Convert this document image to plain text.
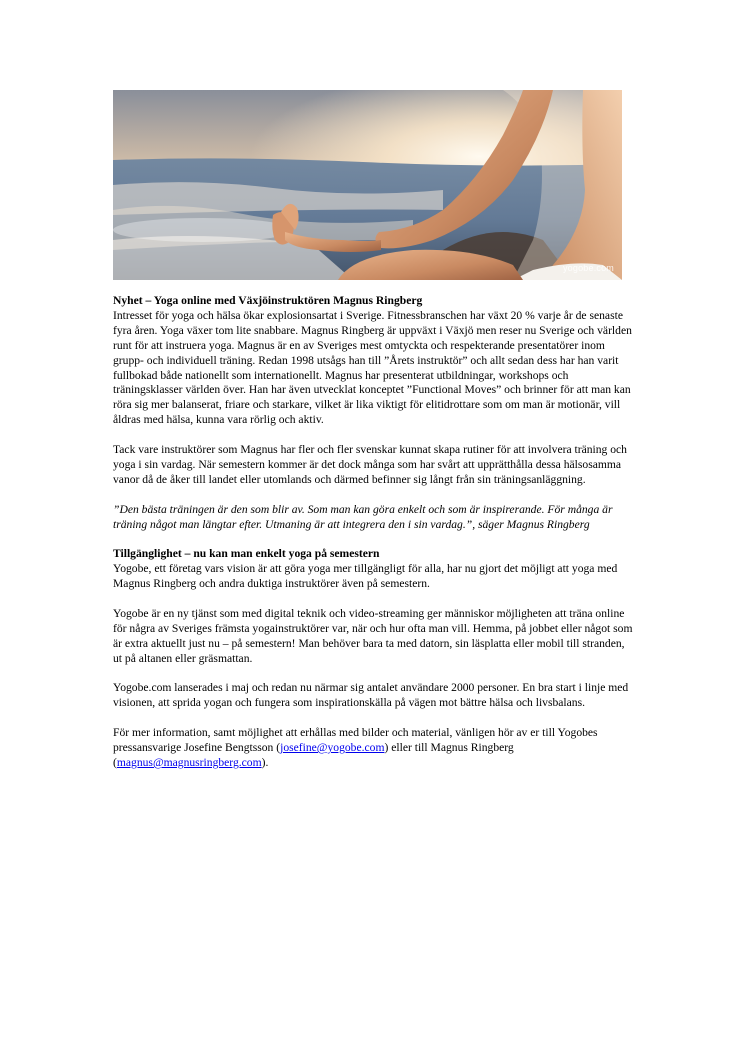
yogobe.com

Nyhet – Yoga online med Växjöinstruktören Magnus Ringberg

Intresset för yoga och hälsa ökar explosionsartat i Sverige. Fitnessbranschen har växt 20 % varje år de senaste fyra åren. Yoga växer tom lite snabbare. Magnus Ringberg är uppväxt i Växjö men reser nu Sverige och världen runt för att instruera yoga. Magnus är en av Sveriges mest omtyckta och respekterande presentatörer inom grupp- och individuell träning. Redan 1998 utsågs han till ”Årets instruktör” och allt sedan dess har han varit fullbokad både nationellt som internationellt. Magnus har presenterat utbildningar, workshops och träningsklasser världen över. Han har även utvecklat konceptet ”Functional Moves” och brinner för att man kan röra sig mer balanserat, friare och starkare, vilket är lika viktigt för elitidrottare som om man är motionär, vill åldras med hälsa, kunna vara rörlig och aktiv.

Tack vare instruktörer som Magnus har fler och fler svenskar kunnat skapa rutiner för att involvera träning och yoga i sin vardag. När semestern kommer är det dock många som har svårt att upprätthålla dessa hälsosamma vanor då de åker till landet eller utomlands och därmed befinner sig långt från sin träningsanläggning.

”Den bästa träningen är den som blir av. Som man kan göra enkelt och som är inspirerande. För många är träning något man längtar efter. Utmaning är att integrera den i sin vardag.”, säger Magnus Ringberg

Tillgänglighet – nu kan man enkelt yoga på semestern

Yogobe, ett företag vars vision är att göra yoga mer tillgängligt för alla, har nu gjort det möjligt att yoga med Magnus Ringberg och andra duktiga instruktörer även på semestern.

Yogobe är en ny tjänst som med digital teknik och video-streaming ger människor möjligheten att träna online för några av Sveriges främsta yogainstruktörer var, när och hur ofta man vill. Hemma, på jobbet eller något som är extra aktuellt just nu – på semestern! Man behöver bara ta med datorn, sin läsplatta eller mobil till stranden, ut på altanen eller gräsmattan.

Yogobe.com lanserades i maj och redan nu närmar sig antalet användare 2000 personer. En bra start i linje med visionen, att sprida yogan och fungera som inspirationskälla på vägen mot bättre hälsa och livsbalans.

För mer information, samt möjlighet att erhållas med bilder och material, vänligen hör av er till Yogobes pressansvarige Josefine Bengtsson (josefine@yogobe.com) eller till Magnus Ringberg (magnus@magnusringberg.com).
